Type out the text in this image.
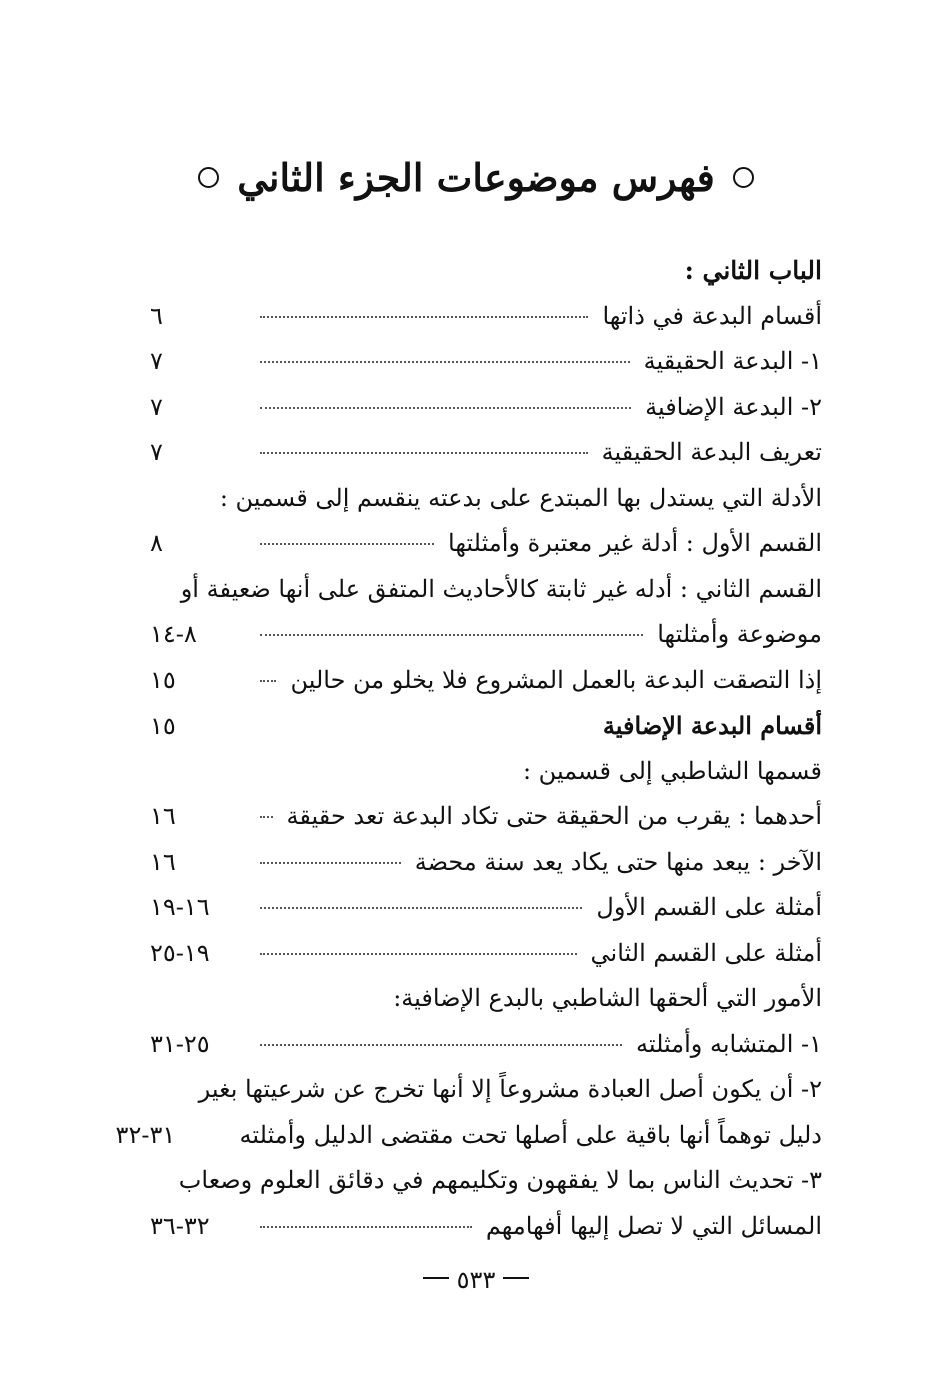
فهرس موضوعات الجزء الثاني
الباب الثاني :
أقسام البدعة في ذاتها
٦
١- البدعة الحقيقية
٧
٢- البدعة الإضافية
٧
تعريف البدعة الحقيقية
٧
الأدلة التي يستدل بها المبتدع على بدعته ينقسم إلى قسمين :
القسم الأول : أدلة غير معتبرة وأمثلتها
٨
القسم الثاني : أدله غير ثابتة كالأحاديث المتفق على أنها ضعيفة أو
موضوعة وأمثلتها
٨-١٤
إذا التصقت البدعة بالعمل المشروع فلا يخلو من حالين
١٥
أقسام البدعة الإضافية
١٥
قسمها الشاطبي إلى قسمين :
أحدهما : يقرب من الحقيقة حتى تكاد البدعة تعد حقيقة
١٦
الآخر : يبعد منها حتى يكاد يعد سنة محضة
١٦
أمثلة على القسم الأول
١٦-١٩
أمثلة على القسم الثاني
١٩-٢٥
الأمور التي ألحقها الشاطبي بالبدع الإضافية:
١- المتشابه وأمثلته
٢٥-٣١
٢- أن يكون أصل العبادة مشروعاً إلا أنها تخرج عن شرعيتها بغير
دليل توهماً أنها باقية على أصلها تحت مقتضى الدليل وأمثلته
٣١-٣٢
٣- تحديث الناس بما لا يفقهون وتكليمهم في دقائق العلوم وصعاب
المسائل التي لا تصل إليها أفهامهم
٣٢-٣٦
٥٣٣
